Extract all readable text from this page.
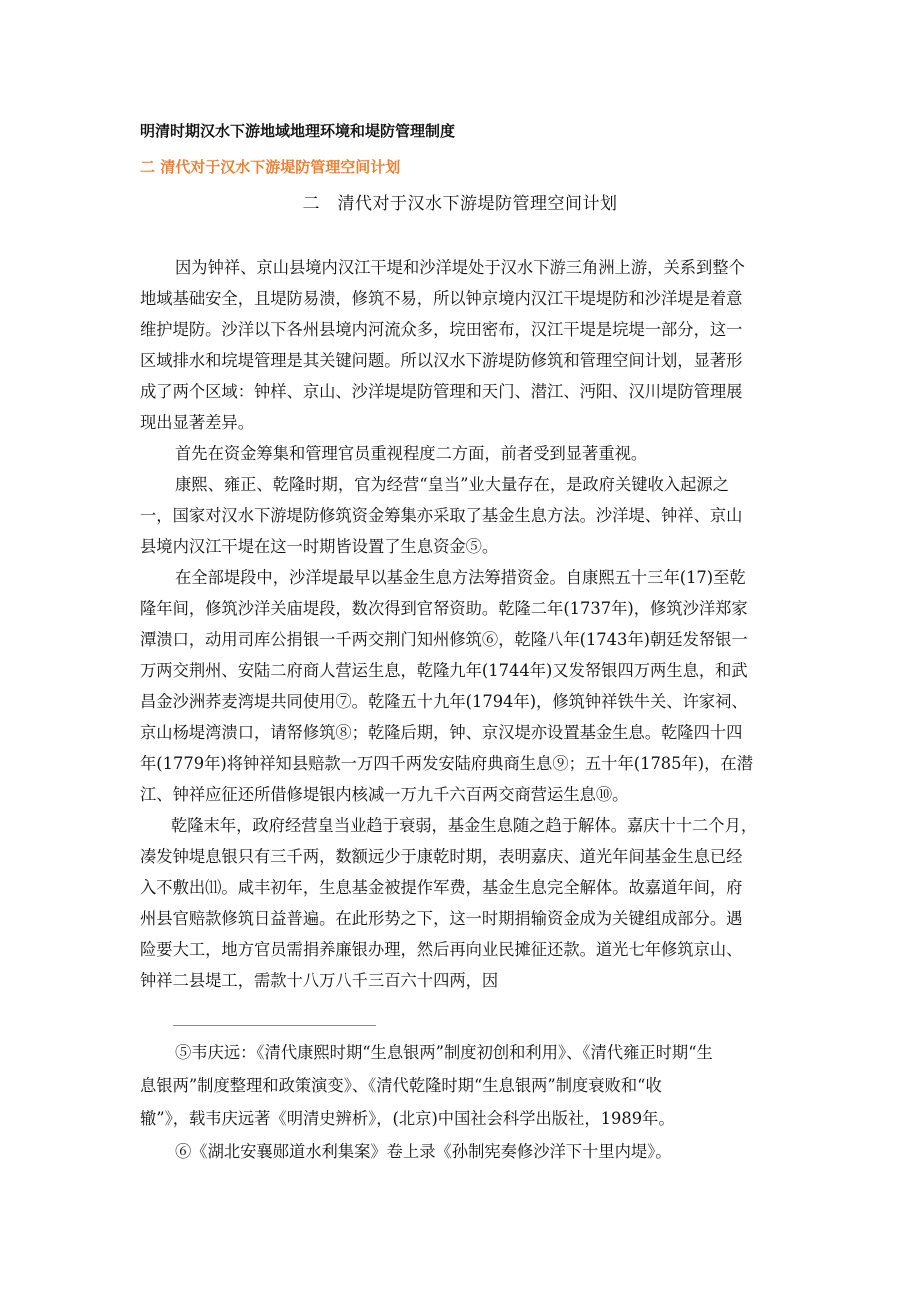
明清时期汉水下游地域地理环境和堤防管理制度
二 清代对于汉水下游堤防管理空间计划
二　清代对于汉水下游堤防管理空间计划
因为钟祥、京山县境内汉江干堤和沙洋堤处于汉水下游三角洲上游，关系到整个
地域基础安全，且堤防易溃，修筑不易，所以钟京境内汉江干堤堤防和沙洋堤是着意
维护堤防。沙洋以下各州县境内河流众多，垸田密布，汉江干堤是垸堤一部分，这一
区域排水和垸堤管理是其关键问题。所以汉水下游堤防修筑和管理空间计划，显著形
成了两个区域：钟样、京山、沙洋堤堤防管理和天门、潜江、沔阳、汉川堤防管理展
现出显著差异。
首先在资金筹集和管理官员重视程度二方面，前者受到显著重视。
康熙、雍正、乾隆时期，官为经营“皇当”业大量存在，是政府关键收入起源之
一，国家对汉水下游堤防修筑资金筹集亦采取了基金生息方法。沙洋堤、钟祥、京山
县境内汉江干堤在这一时期皆设置了生息资金⑤。
在全部堤段中，沙洋堤最早以基金生息方法筹措资金。自康熙五十三年(17)至乾
隆年间，修筑沙洋关庙堤段，数次得到官帑资助。乾隆二年(1737年)，修筑沙洋郑家
潭溃口，动用司库公捐银一千两交荆门知州修筑⑥，乾隆八年(1743年)朝廷发帑银一
万两交荆州、安陆二府商人营运生息，乾隆九年(1744年)又发帑银四万两生息，和武
昌金沙洲荞麦湾堤共同使用⑦。乾隆五十九年(1794年)，修筑钟祥铁牛关、许家祠、
京山杨堤湾溃口，请帑修筑⑧；乾隆后期，钟、京汉堤亦设置基金生息。乾隆四十四
年(1779年)将钟祥知县赔款一万四千两发安陆府典商生息⑨；五十年(1785年)，在潜
江、钟祥应征还所借修堤银内核减一万九千六百两交商营运生息⑩。
乾隆末年，政府经营皇当业趋于衰弱，基金生息随之趋于解体。嘉庆十十二个月，
凑发钟堤息银只有三千两，数额远少于康乾时期，表明嘉庆、道光年间基金生息已经
入不敷出⑾。咸丰初年，生息基金被提作军费，基金生息完全解体。故嘉道年间，府
州县官赔款修筑日益普遍。在此形势之下，这一时期捐输资金成为关键组成部分。遇
险要大工，地方官员需捐养廉银办理，然后再向业民摊征还款。道光七年修筑京山、
钟祥二县堤工，需款十八万八千三百六十四两，因
⑤韦庆远：《清代康熙时期“生息银两”制度初创和利用》、《清代雍正时期“生
息银两”制度整理和政策演变》、《清代乾隆时期“生息银两”制度衰败和“收
辙”》，载韦庆远著《明清史辨析》，(北京)中国社会科学出版社，1989年。
⑥《湖北安襄郧道水利集案》卷上录《孙制宪奏修沙洋下十里内堤》。
